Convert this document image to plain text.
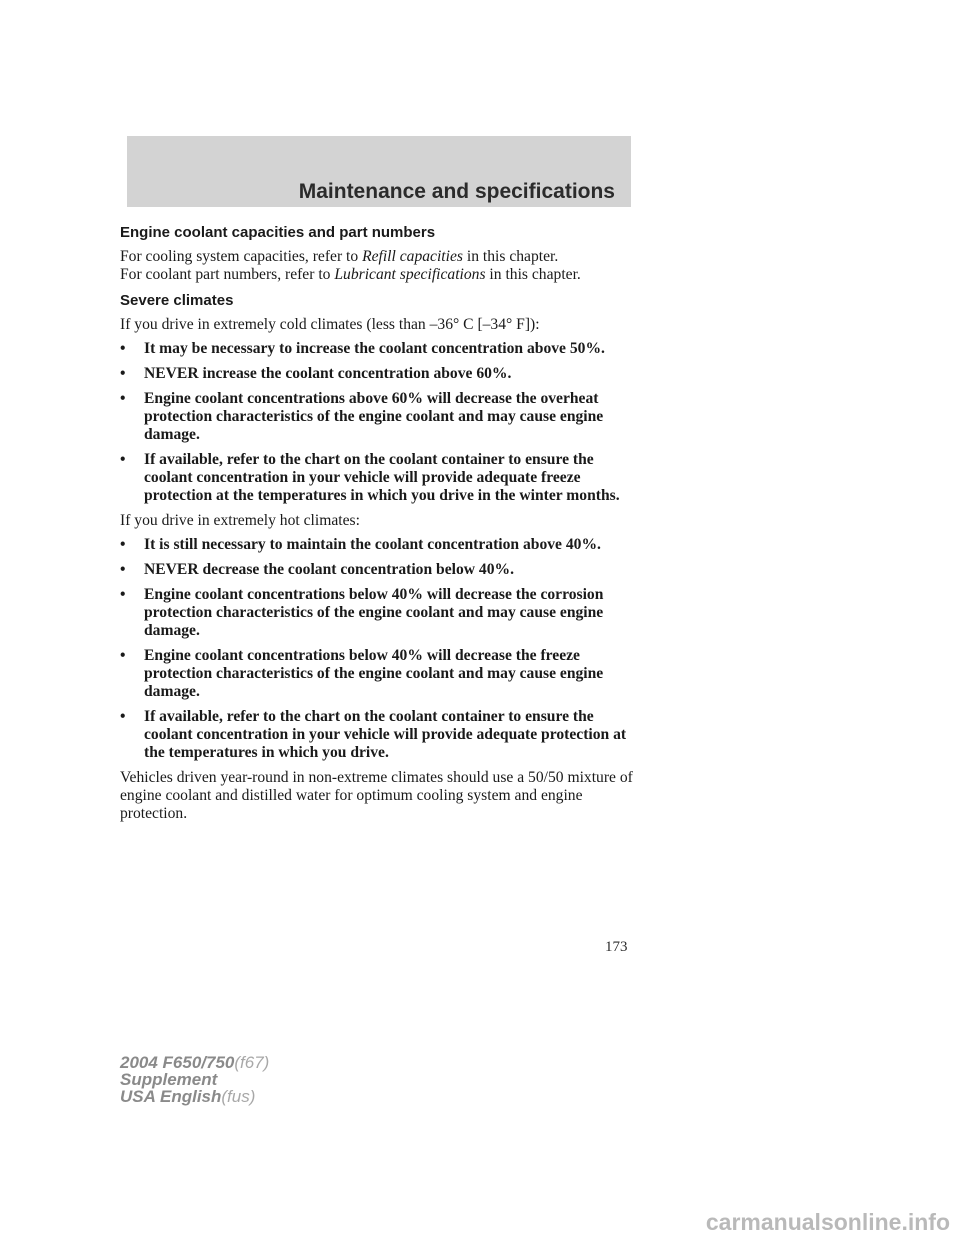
Maintenance and specifications
Engine coolant capacities and part numbers

For cooling system capacities, refer to Refill capacities in this chapter.
For coolant part numbers, refer to Lubricant specifications in this chapter.

Severe climates

If you drive in extremely cold climates (less than –36° C [–34° F]):

•	It may be necessary to increase the coolant concentration above 50%.
•	NEVER increase the coolant concentration above 60%.
•	Engine coolant concentrations above 60% will decrease the overheat protection characteristics of the engine coolant and may cause engine damage.
•	If available, refer to the chart on the coolant container to ensure the coolant concentration in your vehicle will provide adequate freeze protection at the temperatures in which you drive in the winter months.

If you drive in extremely hot climates:

•	It is still necessary to maintain the coolant concentration above 40%.
•	NEVER decrease the coolant concentration below 40%.
•	Engine coolant concentrations below 40% will decrease the corrosion protection characteristics of the engine coolant and may cause engine damage.
•	Engine coolant concentrations below 40% will decrease the freeze protection characteristics of the engine coolant and may cause engine damage.
•	If available, refer to the chart on the coolant container to ensure the coolant concentration in your vehicle will provide adequate protection at the temperatures in which you drive.

Vehicles driven year-round in non-extreme climates should use a 50/50 mixture of engine coolant and distilled water for optimum cooling system and engine protection.

173
2004 F650/750(f67)
Supplement
USA English(fus)
carmanualsonline.info
